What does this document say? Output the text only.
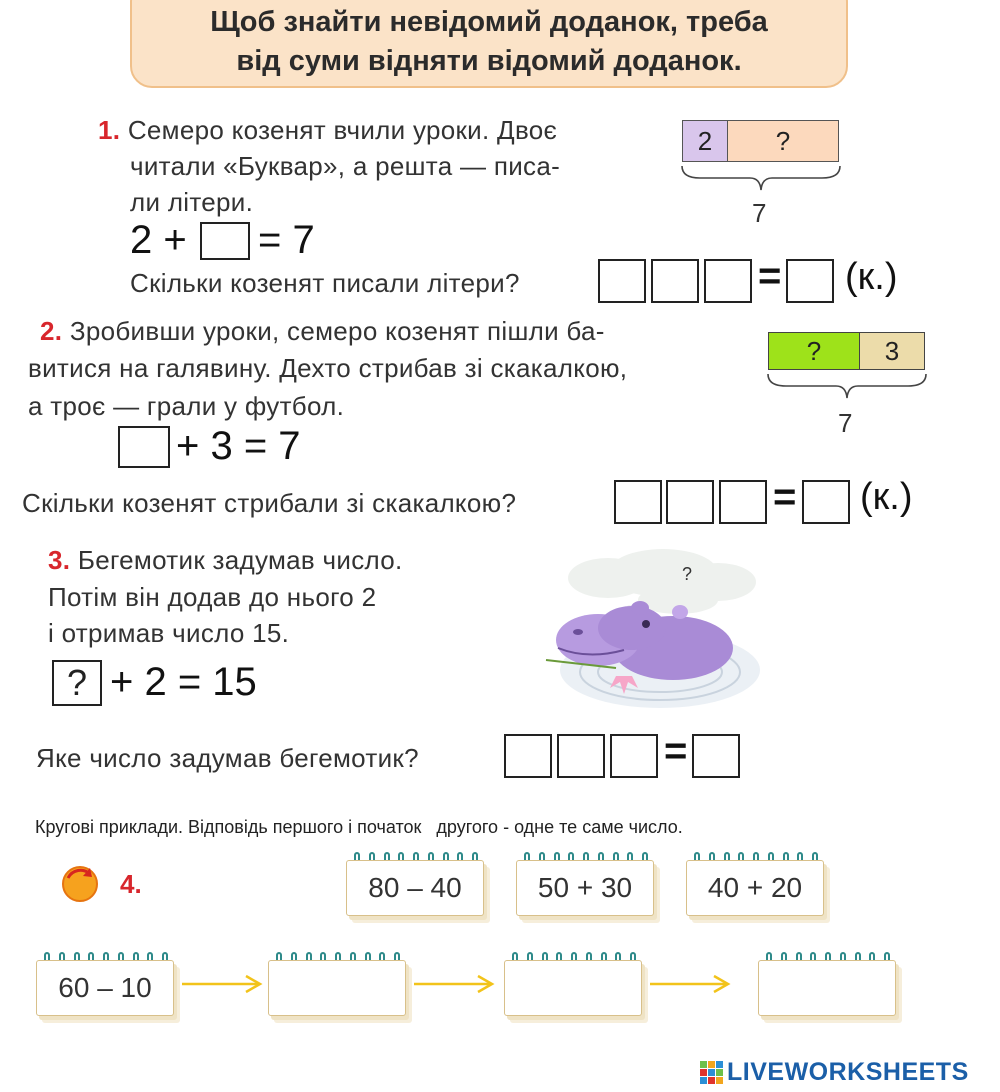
Щоб знайти невідомий доданок, треба
від суми відняти відомий доданок.
1. Семеро козенят вчили уроки. Двоє
читали «Буквар», а решта — писа-
ли літери.
2	?
7
2 + = 7
Скільки козенят писали літери?	= (к.)
2. Зробивши уроки, семеро козенят пішли ба-
витися на галявину. Дехто стрибав зі скакалкою,
а троє — грали у футбол.
?	3
7
+ 3 = 7
Скільки козенят стрибали зі скакалкою?	= (к.)
3. Бегемотик задумав число.
Потім він додав до нього 2
і отримав число 15.
? + 2 = 15
?
Яке число задумав бегемотик?	=
Кругові приклади. Відповідь першого і початок   другого - одне те саме число.
4.	80 – 40	50 + 30	40 + 20
60 – 10
LIVEWORKSHEETS
